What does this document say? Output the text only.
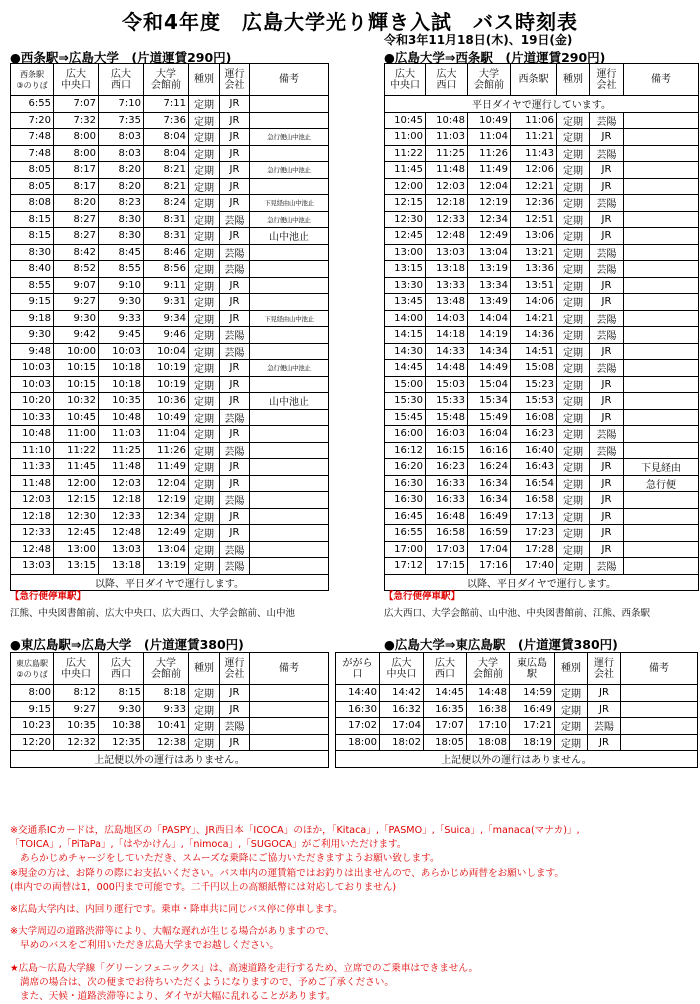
令和4年度　広島大学光り輝き入試　バス時刻表
令和3年11月18日(木)、19日(金)
●西条駅⇒広島大学　(片道運賃290円)	●広島大学⇒西条駅　(片道運賃290円)
西条駅
③のりば	広大
中央口	広大
西口	大学
会館前	種別	運行
会社	備考
6:55	7:07	7:10	7:11	定期	JR	
7:20	7:32	7:35	7:36	定期	JR	
7:48	8:00	8:03	8:04	定期	JR	急行便山中池止
7:48	8:00	8:03	8:04	定期	JR	
8:05	8:17	8:20	8:21	定期	JR	急行便山中池止
8:05	8:17	8:20	8:21	定期	JR	
8:08	8:20	8:23	8:24	定期	JR	下見経由山中池止
8:15	8:27	8:30	8:31	定期	芸陽	急行便山中池止
8:15	8:27	8:30	8:31	定期	JR	山中池止
8:30	8:42	8:45	8:46	定期	芸陽	
8:40	8:52	8:55	8:56	定期	芸陽	
8:55	9:07	9:10	9:11	定期	JR	
9:15	9:27	9:30	9:31	定期	JR	
9:18	9:30	9:33	9:34	定期	JR	下見経由山中池止
9:30	9:42	9:45	9:46	定期	芸陽	
9:48	10:00	10:03	10:04	定期	芸陽	
10:03	10:15	10:18	10:19	定期	JR	急行便山中池止
10:03	10:15	10:18	10:19	定期	JR	
10:20	10:32	10:35	10:36	定期	JR	山中池止
10:33	10:45	10:48	10:49	定期	芸陽	
10:48	11:00	11:03	11:04	定期	JR	
11:10	11:22	11:25	11:26	定期	芸陽	
11:33	11:45	11:48	11:49	定期	JR	
11:48	12:00	12:03	12:04	定期	JR	
12:03	12:15	12:18	12:19	定期	芸陽	
12:18	12:30	12:33	12:34	定期	JR	
12:33	12:45	12:48	12:49	定期	JR	
12:48	13:00	13:03	13:04	定期	芸陽	
13:03	13:15	13:18	13:19	定期	芸陽	
以降、平日ダイヤで運行します。						
広大
中央口	広大
西口	大学
会館前	西条駅	種別	運行
会社	備考
平日ダイヤで運行しています。						
10:45	10:48	10:49	11:06	定期	芸陽	
11:00	11:03	11:04	11:21	定期	JR	
11:22	11:25	11:26	11:43	定期	芸陽	
11:45	11:48	11:49	12:06	定期	JR	
12:00	12:03	12:04	12:21	定期	JR	
12:15	12:18	12:19	12:36	定期	芸陽	
12:30	12:33	12:34	12:51	定期	JR	
12:45	12:48	12:49	13:06	定期	JR	
13:00	13:03	13:04	13:21	定期	芸陽	
13:15	13:18	13:19	13:36	定期	芸陽	
13:30	13:33	13:34	13:51	定期	JR	
13:45	13:48	13:49	14:06	定期	JR	
14:00	14:03	14:04	14:21	定期	芸陽	
14:15	14:18	14:19	14:36	定期	芸陽	
14:30	14:33	14:34	14:51	定期	JR	
14:45	14:48	14:49	15:08	定期	芸陽	
15:00	15:03	15:04	15:23	定期	JR	
15:30	15:33	15:34	15:53	定期	JR	
15:45	15:48	15:49	16:08	定期	JR	
16:00	16:03	16:04	16:23	定期	芸陽	
16:12	16:15	16:16	16:40	定期	芸陽	
16:20	16:23	16:24	16:43	定期	JR	下見経由
16:30	16:33	16:34	16:54	定期	JR	急行便
16:30	16:33	16:34	16:58	定期	JR	
16:45	16:48	16:49	17:13	定期	JR	
16:55	16:58	16:59	17:23	定期	JR	
17:00	17:03	17:04	17:28	定期	JR	
17:12	17:15	17:16	17:40	定期	芸陽	
以降、平日ダイヤで運行します。						
【急行便停車駅】
江熊、中央図書館前、広大中央口、広大西口、大学会館前、山中池
【急行便停車駅】
広大西口、大学会館前、山中池、中央図書館前、江熊、西条駅
●東広島駅⇒広島大学　(片道運賃380円)	●広島大学⇒東広島駅　(片道運賃380円)
東広島駅
②のりば	広大
中央口	広大
西口	大学
会館前	種別	運行
会社	備考
8:00	8:12	8:15	8:18	定期	JR	
9:15	9:27	9:30	9:33	定期	JR	
10:23	10:35	10:38	10:41	定期	芸陽	
12:20	12:32	12:35	12:38	定期	JR	
上記便以外の運行はありません。						
ががら
口	広大
中央口	広大
西口	大学
会館前	東広島
駅	種別	運行
会社	備考
14:40	14:42	14:45	14:48	14:59	定期	JR	
16:30	16:32	16:35	16:38	16:49	定期	JR	
17:02	17:04	17:07	17:10	17:21	定期	芸陽	
18:00	18:02	18:05	18:08	18:19	定期	JR	
上記便以外の運行はありません。							

※交通系ICカードは，広島地区の「PASPY」、JR西日本「ICOCA」のほか，「Kitaca」,「PASMO」,「Suica」,「manaca(マナカ)」,

「TOICA」,「PiTaPa」,「はやかけん」,「nimoca」,「SUGOCA」がご利用いただけます。

あらかじめチャージをしていただき、スムーズな乗降にご協力いただきますようお願い致します。

※現金の方は、お降りの際にお支払いください。バス車内の運賃箱ではお釣りは出ませんので、あらかじめ両替をお願いします。

(車内での両替は1，000円まで可能です。二千円以上の高額紙幣には対応しておりません)

※広島大学内は、内回り運行です。乗車・降車共に同じバス停に停車します。

※大学周辺の道路渋滞等により、大幅な遅れが生じる場合がありますので、

早めのバスをご利用いただき広島大学までお越しください。

★広島～広島大学線「グリーンフェニックス」は、高速道路を走行するため、立席でのご乗車はできません。

満席の場合は、次の便までお待ちいただくようになりますので、予めご了承ください。

また、天候・道路渋滞等により、ダイヤが大幅に乱れることがあります。
